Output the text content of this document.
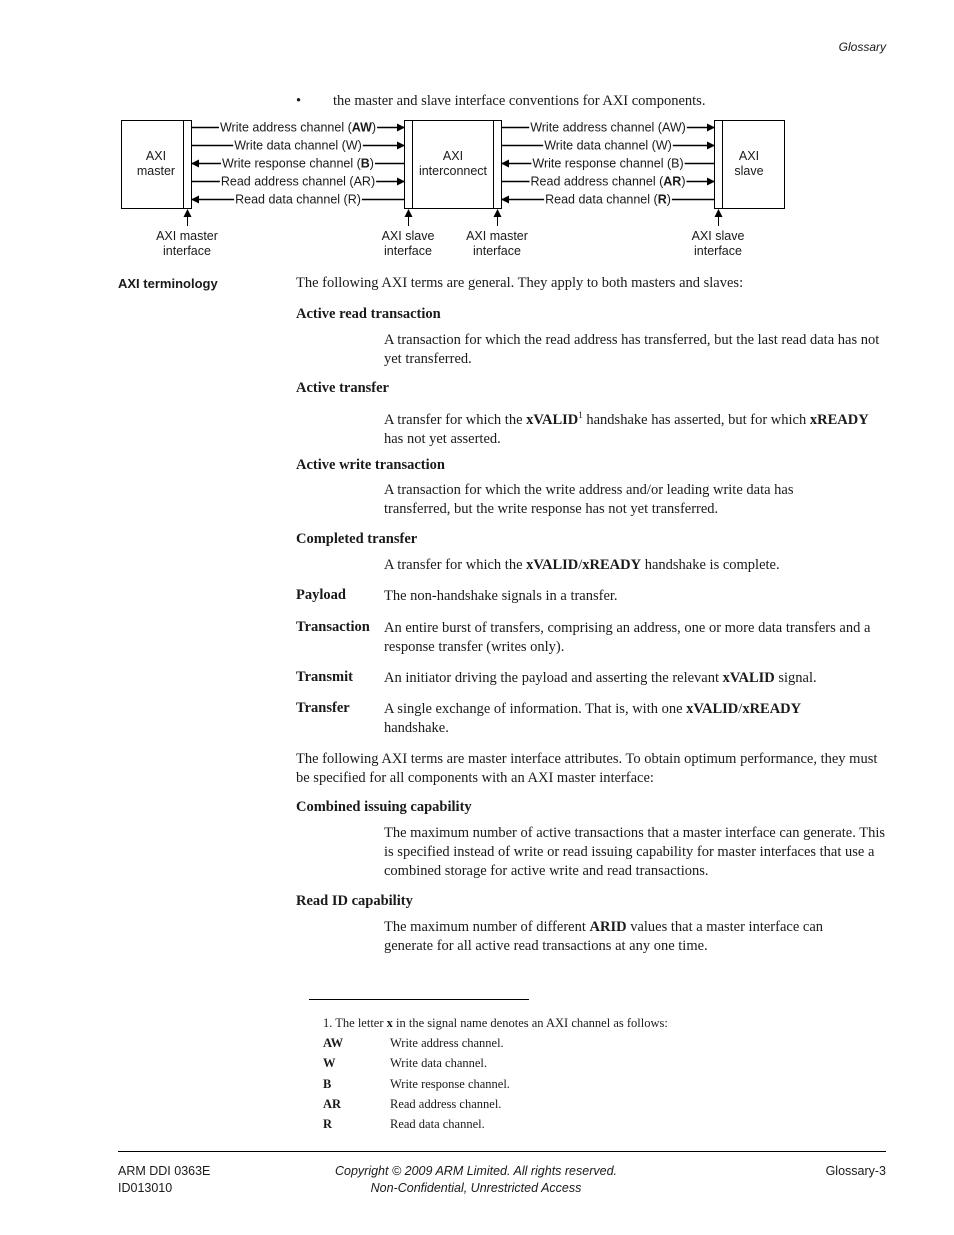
Glossary
• the master and slave interface conventions for AXI components.
AXI
master
AXI
interconnect
AXI
slave
Write address channel (AW)
Write data channel (W)
Write response channel (B)
Read address channel (AR)
Read data channel (R)
Write address channel (AW)
Write data channel (W)
Write response channel (B)
Read address channel (AR)
Read data channel (R)
AXI master
interface
AXI slave
interface
AXI master
interface
AXI slave
interface
AXI terminology	The following AXI terms are general. They apply to both masters and slaves:
Active read transaction
A transaction for which the read address has transferred, but the last read data has not yet transferred.
Active transfer
A transfer for which the xVALID$^1$ handshake has asserted, but for which xREADY has not yet asserted.
Active write transaction
A transaction for which the write address and/or leading write data has transferred, but the write response has not yet transferred.
Completed transfer
A transfer for which the xVALID/xREADY handshake is complete.
Payload	The non-handshake signals in a transfer.
Transaction An entire burst of transfers, comprising an address, one or more data transfers and a response transfer (writes only).
Transmit An initiator driving the payload and asserting the relevant xVALID signal.
Transfer A single exchange of information. That is, with one xVALID/xREADY handshake.
The following AXI terms are master interface attributes. To obtain optimum performance, they must be specified for all components with an AXI master interface:
Combined issuing capability
The maximum number of active transactions that a master interface can generate. This is specified instead of write or read issuing capability for master interfaces that use a combined storage for active write and read transactions.
Read ID capability
The maximum number of different ARID values that a master interface can generate for all active read transactions at any one time.
1. The letter x in the signal name denotes an AXI channel as follows:
AW	Write address channel.
W	Write data channel.
B	Write response channel.
AR	Read address channel.
R	Read data channel.
ARM DDI 0363E
ID013010
Copyright © 2009 ARM Limited. All rights reserved.
Non-Confidential, Unrestricted Access
Glossary-3
